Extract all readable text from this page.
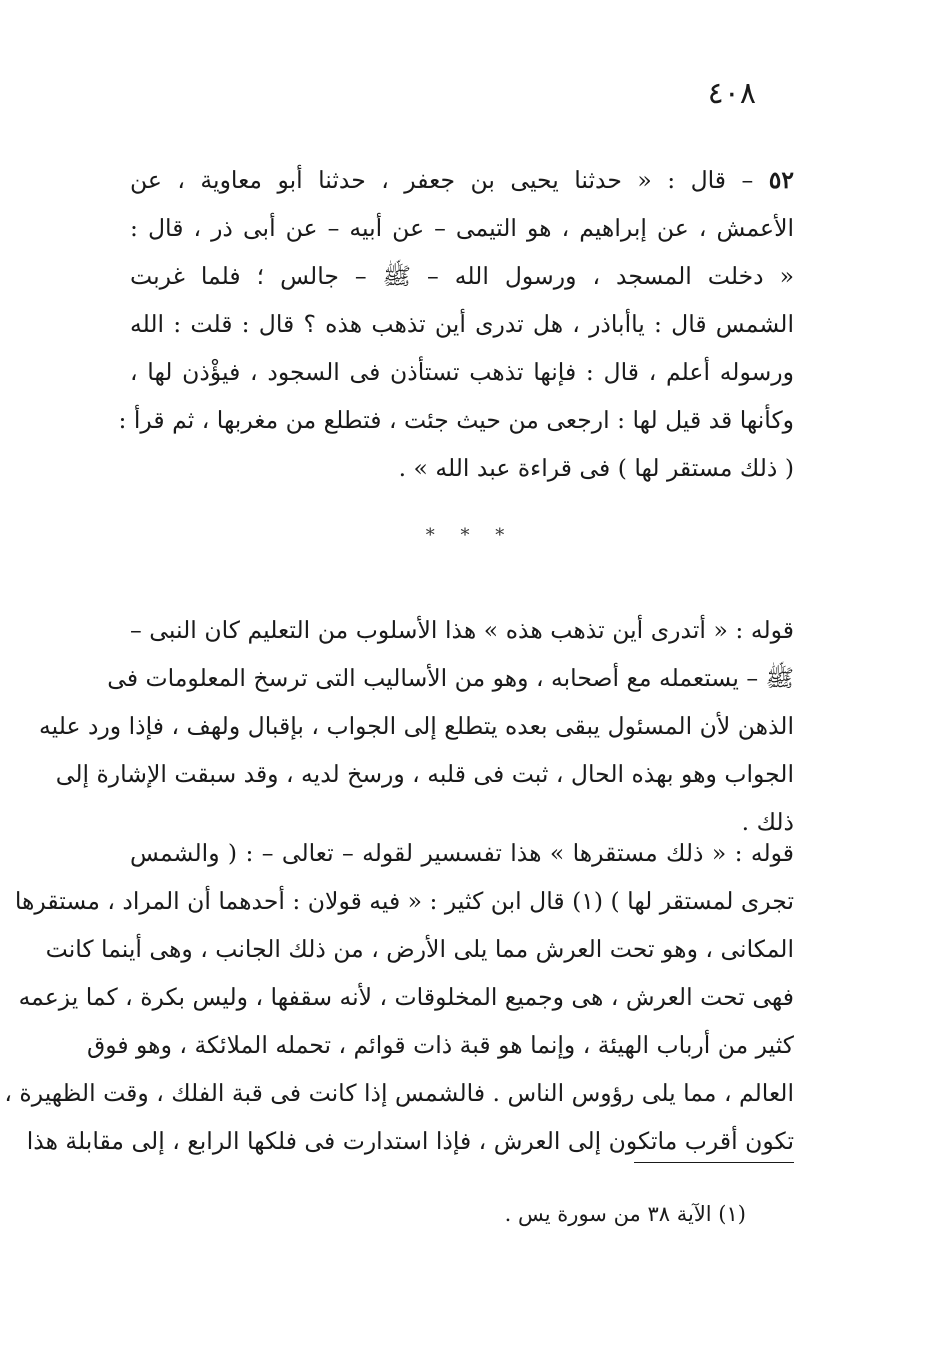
٤٠٨
٥٢ – قال : « حدثنا يحيى بن جعفر ، حدثنا أبو معاوية ، عن
الأعمش ، عن إبراهيم ، هو التيمى – عن أبيه – عن أبى ذر ، قال :
« دخلت المسجد ، ورسول الله – ﷺ – جالس ؛ فلما غربت
الشمس قال : ياأباذر ، هل تدرى أين تذهب هذه ؟ قال : قلت : الله
ورسوله أعلم ، قال : فإنها تذهب تستأذن فى السجود ، فيؤْذن لها ،
وكأنها قد قيل لها : ارجعى من حيث جئت ، فتطلع من مغربها ، ثم قرأ :
( ذلك مستقر لها ) فى قراءة عبد الله » .
* * *
قوله : « أتدرى أين تذهب هذه » هذا الأسلوب من التعليم كان النبى –
ﷺ – يستعمله مع أصحابه ، وهو من الأساليب التى ترسخ المعلومات فى
الذهن لأن المسئول يبقى بعده يتطلع إلى الجواب ، بإقبال ولهف ، فإذا ورد عليه
الجواب وهو بهذه الحال ، ثبت فى قلبه ، ورسخ لديه ، وقد سبقت الإشارة إلى
ذلك .
قوله : « ذلك مستقرها » هذا تفسسير لقوله – تعالى – : ( والشمس
تجرى لمستقر لها ) (١) قال ابن كثير : « فيه قولان : أحدهما أن المراد ، مستقرها
المكانى ، وهو تحت العرش مما يلى الأرض ، من ذلك الجانب ، وهى أينما كانت
فهى تحت العرش ، هى وجميع المخلوقات ، لأنه سقفها ، وليس بكرة ، كما يزعمه
كثير من أرباب الهيئة ، وإنما هو قبة ذات قوائم ، تحمله الملائكة ، وهو فوق
العالم ، مما يلى رؤوس الناس . فالشمس إذا كانت فى قبة الفلك ، وقت الظهيرة ،
تكون أقرب ماتكون إلى العرش ، فإذا استدارت فى فلكها الرابع ، إلى مقابلة هذا
(١) الآية ٣٨ من سورة يس .
